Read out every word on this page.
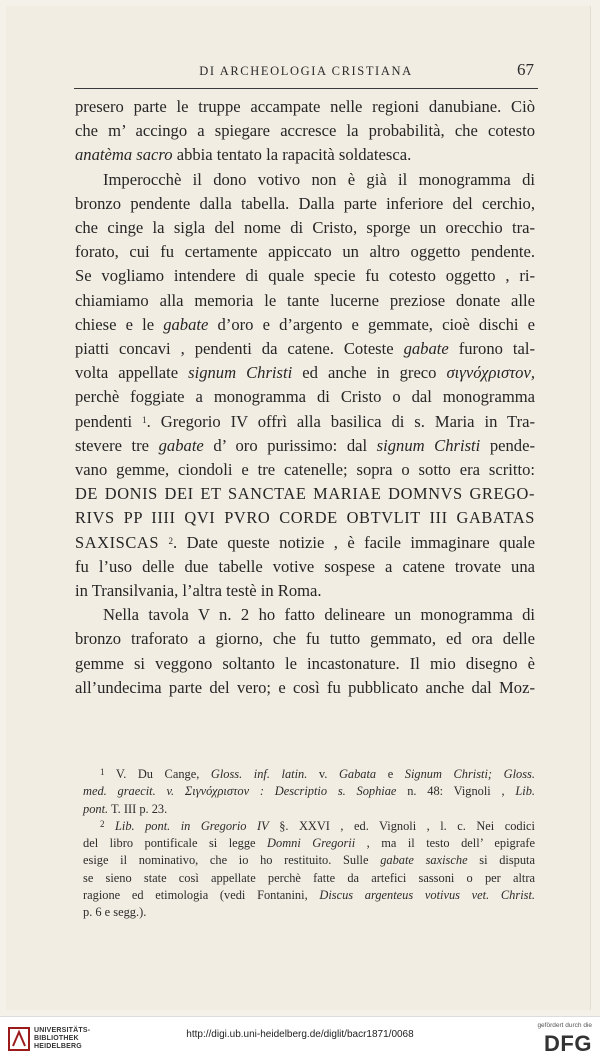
DI ARCHEOLOGIA CRISTIANA	67
presero parte le truppe accampate nelle regioni danubiane. Ciò
che m’ accingo a spiegare accresce la probabilità, che cotesto
anatèma sacro abbia tentato la rapacità soldatesca.
Imperocchè il dono votivo non è già il monogramma di
bronzo pendente dalla tabella. Dalla parte inferiore del cerchio,
che cinge la sigla del nome di Cristo, sporge un orecchio tra-
forato, cui fu certamente appiccato un altro oggetto pendente.
Se vogliamo intendere di quale specie fu cotesto oggetto , ri-
chiamiamo alla memoria le tante lucerne preziose donate alle
chiese e le gabate d’oro e d’argento e gemmate, cioè dischi e
piatti concavi , pendenti da catene. Coteste gabate furono tal-
volta appellate signum Christi ed anche in greco σιγνόχριστον,
perchè foggiate a monogramma di Cristo o dal monogramma
pendenti $^1$. Gregorio IV offrì alla basilica di s. Maria in Tra-
stevere tre gabate d’ oro purissimo: dal signum Christi pende-
vano gemme, ciondoli e tre catenelle; sopra o sotto era scritto:
DE DONIS DEI ET SANCTAE MARIAE DOMNVS GREGO-
RIVS PP IIII QVI PVRO CORDE OBTVLIT III GABATAS
SAXISCAS $^2$. Date queste notizie , è facile immaginare quale
fu l’uso delle due tabelle votive sospese a catene trovate una
in Transilvania, l’altra testè in Roma.
Nella tavola V n. 2 ho fatto delineare un monogramma di
bronzo traforato a giorno, che fu tutto gemmato, ed ora delle
gemme si veggono soltanto le incastonature. Il mio disegno è
all’undecima parte del vero; e così fu pubblicato anche dal Moz-
$^1$ V. Du Cange, Gloss. inf. latin. v. Gabata e Signum Christi; Gloss.
med. graecit. v. Σιγνόχριστον : Descriptio s. Sophiae n. 48: Vignoli , Lib.
pont. T. III p. 23.
$^2$ Lib. pont. in Gregorio IV §. XXVI , ed. Vignoli , l. c. Nei codici
del libro pontificale si legge Domni Gregorii , ma il testo dell’ epigrafe
esige il nominativo, che io ho restituito. Sulle gabate saxische si disputa
se sieno state così appellate perchè fatte da artefici sassoni o per altra
ragione ed etimologia (vedi Fontanini, Discus argenteus votivus vet. Christ.
p. 6 e segg.).
UNIVERSITÄTS-
BIBLIOTHEK
HEIDELBERG
http://digi.ub.uni-heidelberg.de/diglit/bacr1871/0068
gefördert durch die
DFG
